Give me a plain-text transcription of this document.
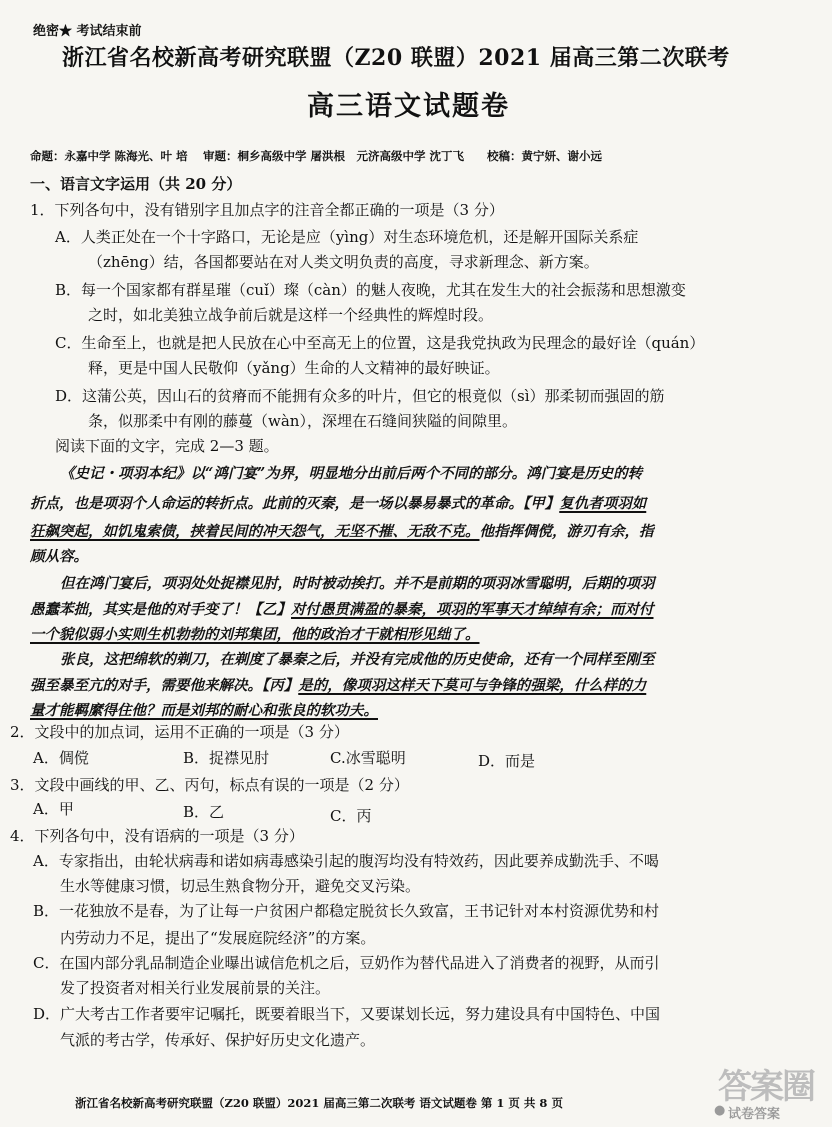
绝密★ 考试结束前
浙江省名校新高考研究联盟（Z20 联盟）2021 届高三第二次联考
高三语文试题卷
命题：永嘉中学 陈海光、叶 培　 审题：桐乡高级中学 屠洪根　元济高级中学 沈丁飞　　校稿：黄宁妍、谢小远
一、语言文字运用（共 20 分）
1．下列各句中，没有错别字且加点字的注音全都正确的一项是（3 分）
A．人类正处在一个十字路口，无论是应（yìng）对生态环境危机，还是解开国际关系症
（zhēng）结，各国都要站在对人类文明负责的高度，寻求新理念、新方案。
B．每一个国家都有群星璀（cuǐ）璨（càn）的魅人夜晚，尤其在发生大的社会振荡和思想激变
之时，如北美独立战争前后就是这样一个经典性的辉煌时段。
C．生命至上，也就是把人民放在心中至高无上的位置，这是我党执政为民理念的最好诠（quán）
释，更是中国人民敬仰（yǎng）生命的人文精神的最好映证。
D．这蒲公英，因山石的贫瘠而不能拥有众多的叶片，但它的根竟似（sì）那柔韧而强固的筋
条，似那柔中有刚的藤蔓（wàn），深埋在石缝间狭隘的间隙里。
阅读下面的文字，完成 2—3 题。
《史记・项羽本纪》以“鸿门宴”为界，明显地分出前后两个不同的部分。鸿门宴是历史的转
折点，也是项羽个人命运的转折点。此前的灭秦，是一场以暴易暴式的革命。【甲】复仇者项羽如
狂飙突起，如饥鬼索债，挟着民间的冲天怨气，无坚不摧、无敌不克。他指挥倜傥，游刃有余，指
顾从容。
但在鸿门宴后，项羽处处捉襟见肘，时时被动挨打。并不是前期的项羽冰雪聪明，后期的项羽
愚蠢苯拙，其实是他的对手变了！【乙】对付愚贯满盈的暴秦，项羽的军事天才绰绰有余；而对付
一个貌似弱小实则生机勃勃的刘邦集团，他的政治才干就相形见绌了。
张良，这把绵软的剃刀，在剃度了暴秦之后，并没有完成他的历史使命，还有一个同样至刚至
强至暴至亢的对手，需要他来解决。【丙】是的，像项羽这样天下莫可与争锋的强梁，什么样的力
量才能羁縻得住他？而是刘邦的耐心和张良的软功夫。
2．文段中的加点词，运用不正确的一项是（3 分）
A．倜傥	B．捉襟见肘	C.冰雪聪明	D．而是
3．文段中画线的甲、乙、丙句，标点有误的一项是（2 分）
A．甲	B．乙	C．丙
4．下列各句中，没有语病的一项是（3 分）
A．专家指出，由轮状病毒和诺如病毒感染引起的腹泻均没有特效药，因此要养成勤洗手、不喝
生水等健康习惯，切忌生熟食物分开，避免交叉污染。
B．一花独放不是春，为了让每一户贫困户都稳定脱贫长久致富，王书记针对本村资源优势和村
内劳动力不足，提出了“发展庭院经济”的方案。
C．在国内部分乳品制造企业曝出诚信危机之后，豆奶作为替代品进入了消费者的视野，从而引
发了投资者对相关行业发展前景的关注。
D．广大考古工作者要牢记嘱托，既要着眼当下，又要谋划长远，努力建设具有中国特色、中国
气派的考古学，传承好、保护好历史文化遗产。
浙江省名校新高考研究联盟（Z20 联盟）2021 届高三第二次联考 语文试题卷 第 1 页 共 8 页	答案圈
● 试卷答案
